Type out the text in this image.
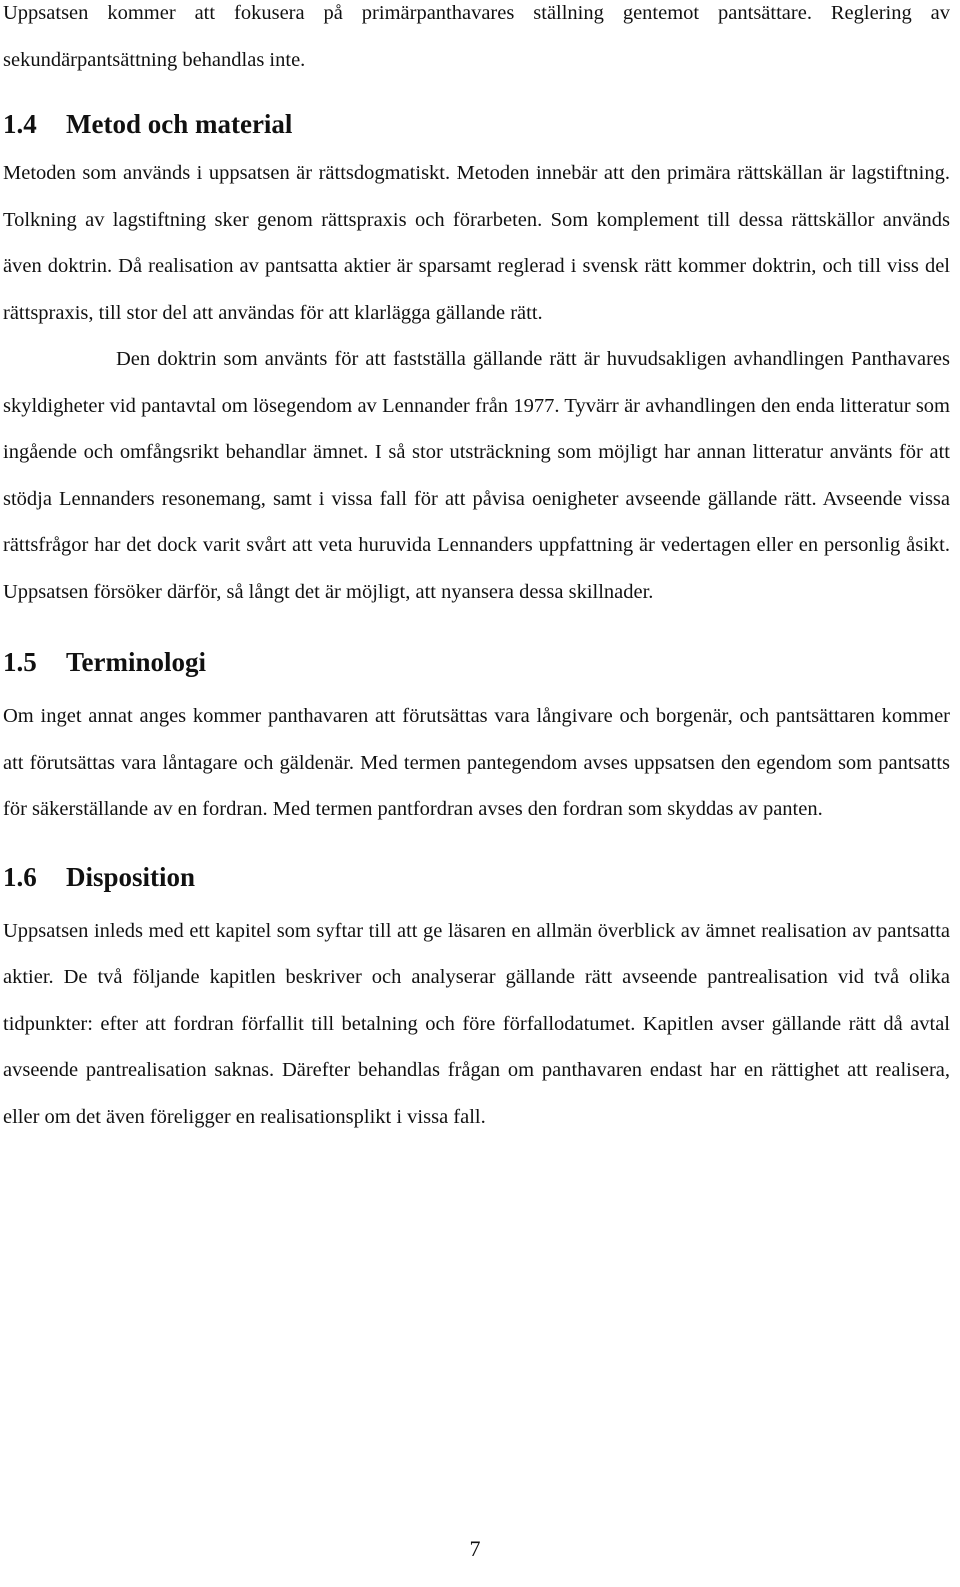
Uppsatsen kommer att fokusera på primärpanthavares ställning gentemot pantsättare. Reglering av sekundärpantsättning behandlas inte.

1.4	Metod och material

Metoden som används i uppsatsen är rättsdogmatiskt. Metoden innebär att den primära rättskällan är lagstiftning. Tolkning av lagstiftning sker genom rättspraxis och förarbeten. Som komplement till dessa rättskällor används även doktrin. Då realisation av pantsatta aktier är sparsamt reglerad i svensk rätt kommer doktrin, och till viss del rättspraxis, till stor del att användas för att klarlägga gällande rätt.

Den doktrin som använts för att fastställa gällande rätt är huvudsakligen avhandlingen Panthavares skyldigheter vid pantavtal om lösegendom av Lennander från 1977. Tyvärr är avhandlingen den enda litteratur som ingående och omfångsrikt behandlar ämnet. I så stor utsträckning som möjligt har annan litteratur använts för att stödja Lennanders resonemang, samt i vissa fall för att påvisa oenigheter avseende gällande rätt. Avseende vissa rättsfrågor har det dock varit svårt att veta huruvida Lennanders uppfattning är vedertagen eller en personlig åsikt. Uppsatsen försöker därför, så långt det är möjligt, att nyansera dessa skillnader.

1.5	Terminologi

Om inget annat anges kommer panthavaren att förutsättas vara långivare och borgenär, och pantsättaren kommer att förutsättas vara låntagare och gäldenär. Med termen pantegendom avses uppsatsen den egendom som pantsatts för säkerställande av en fordran. Med termen pantfordran avses den fordran som skyddas av panten.

1.6	Disposition

Uppsatsen inleds med ett kapitel som syftar till att ge läsaren en allmän överblick av ämnet realisation av pantsatta aktier. De två följande kapitlen beskriver och analyserar gällande rätt avseende pantrealisation vid två olika tidpunkter: efter att fordran förfallit till betalning och före förfallodatumet. Kapitlen avser gällande rätt då avtal avseende pantrealisation saknas. Därefter behandlas frågan om panthavaren endast har en rättighet att realisera, eller om det även föreligger en realisationsplikt i vissa fall.

7
